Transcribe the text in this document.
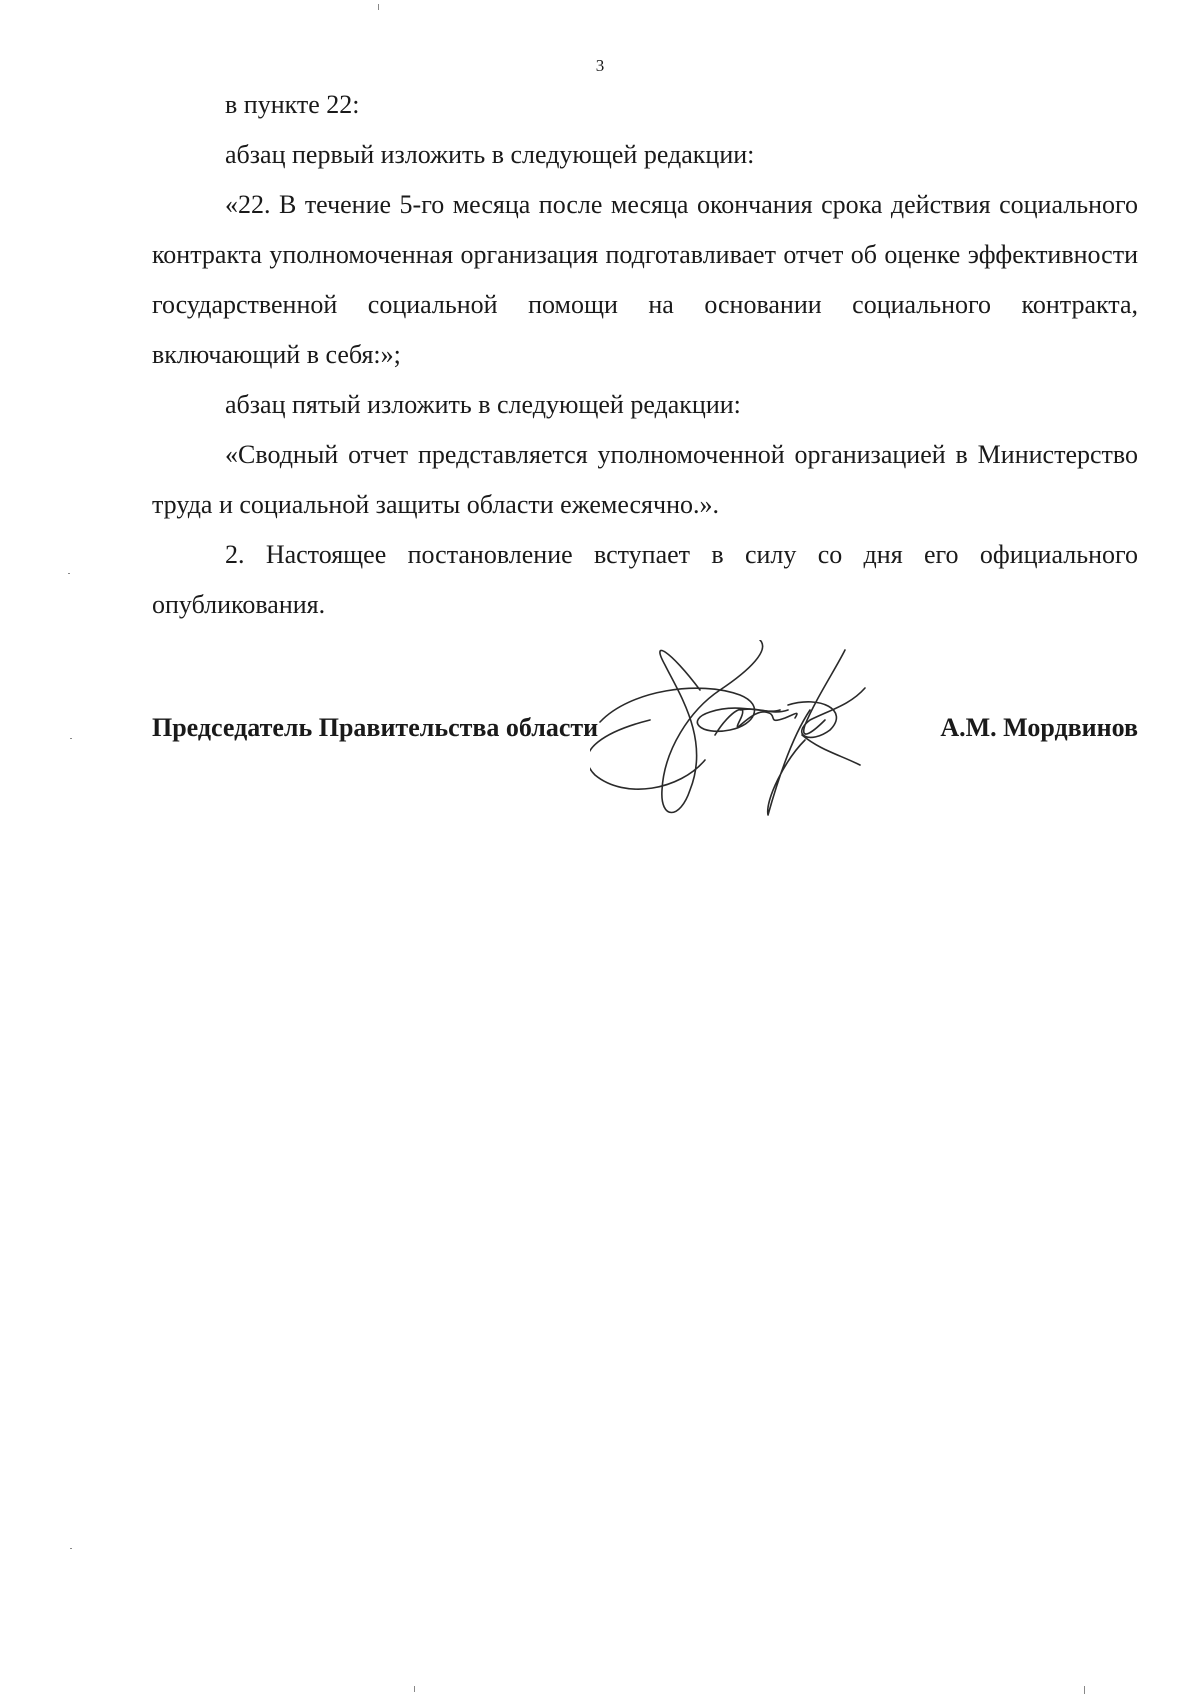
3

в пункте 22:

абзац первый изложить в следующей редакции:

«22. В течение 5-го месяца после месяца окончания срока действия социального контракта уполномоченная организация подготавливает отчет об оценке эффективности государственной социальной помощи на основании социального контракта, включающий в себя:»;

абзац пятый изложить в следующей редакции:

«Сводный отчет представляется уполномоченной организацией в Министерство труда и социальной защиты области ежемесячно.».

2. Настоящее постановление вступает в силу со дня его официального опубликования.

Председатель Правительства области	А.М. Мордвинов
